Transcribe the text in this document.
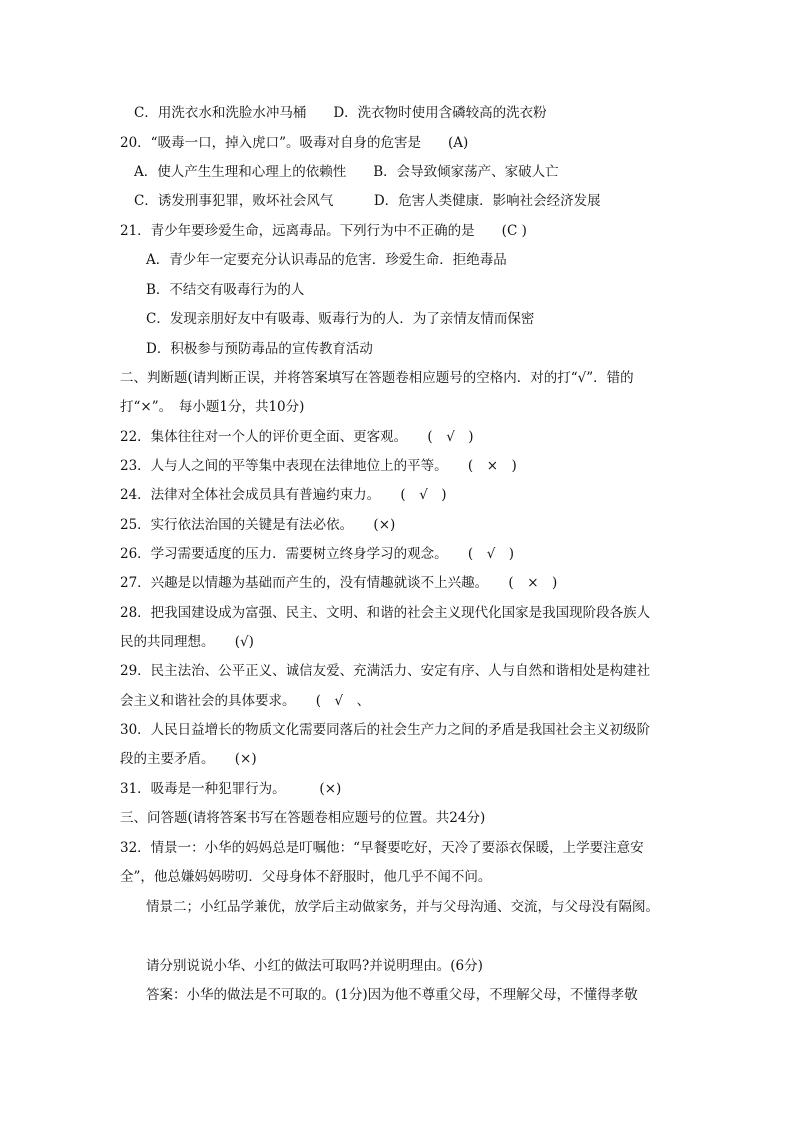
C．用洗衣水和洗脸水冲马桶　　D．洗衣物时使用含磷较高的洗衣粉
20．“吸毒一口，掉入虎口”。吸毒对自身的危害是　　(A)
A．使人产生生理和心理上的依赖性　　B．会导致倾家荡产、家破人亡
C．诱发刑事犯罪，败坏社会风气　　　D．危害人类健康．影响社会经济发展
21．青少年要珍爱生命，远离毒品。下列行为中不正确的是　　(C )
A．青少年一定要充分认识毒品的危害．珍爱生命．拒绝毒品
B．不结交有吸毒行为的人
C．发现亲朋好友中有吸毒、贩毒行为的人．为了亲情友情而保密
D．积极参与预防毒品的宣传教育活动
二、判断题(请判断正误，并将答案填写在答题卷相应题号的空格内．对的打“√”．错的
打“×”。　每小题1分，共10分)
22．集体往往对一个人的评价更全面、更客观。　　(　√　)
23．人与人之间的平等集中表现在法律地位上的平等。　　(　×　)
24．法律对全体社会成员具有普遍约束力。　　(　√　)
25．实行依法治国的关键是有法必依。　　(×)
26．学习需要适度的压力．需要树立终身学习的观念。　　(　√　)
27．兴趣是以情趣为基础而产生的，没有情趣就谈不上兴趣。　　(　×　)
28．把我国建设成为富强、民主、文明、和谐的社会主义现代化国家是我国现阶段各族人
民的共同理想。　　(√)
29．民主法治、公平正义、诚信友爱、充满活力、安定有序、人与自然和谐相处是构建社
会主义和谐社会的具体要求。　　(　√　、
30．人民日益增长的物质文化需要同落后的社会生产力之间的矛盾是我国社会主义初级阶
段的主要矛盾。　　(×)
31．吸毒是一种犯罪行为。　　　(×)
三、问答题(请将答案书写在答题卷相应题号的位置。共24分)
32．情景一：小华的妈妈总是叮嘱他：“早餐要吃好，天冷了要添衣保暖，上学要注意安
全”，他总嫌妈妈唠叨．父母身体不舒服时，他几乎不闻不问。
情景二；小红品学兼优，放学后主动做家务，并与父母沟通、交流，与父母没有隔阂。
请分别说说小华、小红的做法可取吗?并说明理由。(6分)
答案：小华的做法是不可取的。(1分)因为他不尊重父母，不理解父母，不懂得孝敬
